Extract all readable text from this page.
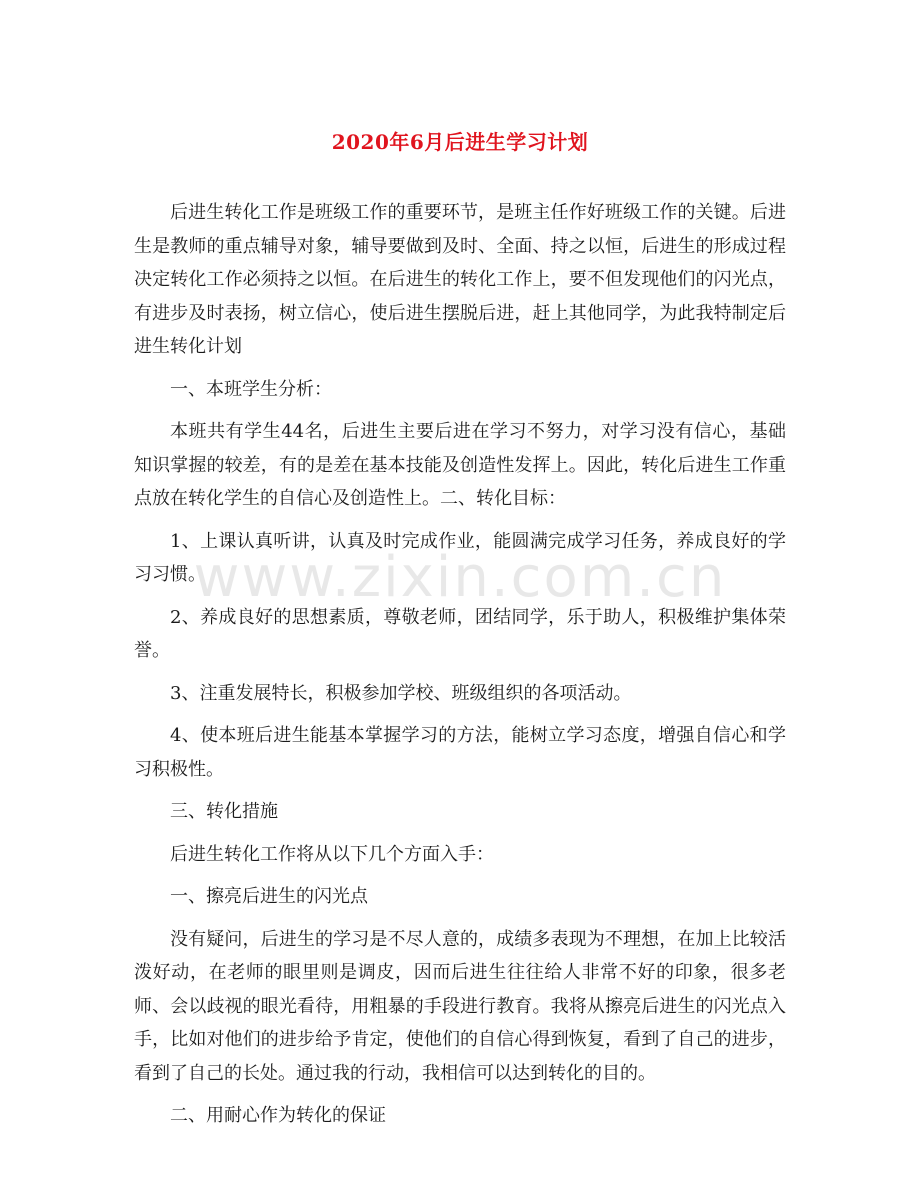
2020年6月后进生学习计划

后进生转化工作是班级工作的重要环节，是班主任作好班级工作的关键。后进生是教师的重点辅导对象，辅导要做到及时、全面、持之以恒，后进生的形成过程决定转化工作必须持之以恒。在后进生的转化工作上，要不但发现他们的闪光点，有进步及时表扬，树立信心，使后进生摆脱后进，赶上其他同学，为此我特制定后进生转化计划

一、本班学生分析：

本班共有学生44名，后进生主要后进在学习不努力，对学习没有信心，基础知识掌握的较差，有的是差在基本技能及创造性发挥上。因此，转化后进生工作重点放在转化学生的自信心及创造性上。二、转化目标：

1、上课认真听讲，认真及时完成作业，能圆满完成学习任务，养成良好的学习习惯。

2、养成良好的思想素质，尊敬老师，团结同学，乐于助人，积极维护集体荣誉。

3、注重发展特长，积极参加学校、班级组织的各项活动。

4、使本班后进生能基本掌握学习的方法，能树立学习态度，增强自信心和学习积极性。

三、转化措施

后进生转化工作将从以下几个方面入手：

一、擦亮后进生的闪光点

没有疑问，后进生的学习是不尽人意的，成绩多表现为不理想，在加上比较活泼好动，在老师的眼里则是调皮，因而后进生往往给人非常不好的印象，很多老师、会以歧视的眼光看待，用粗暴的手段进行教育。我将从擦亮后进生的闪光点入手，比如对他们的进步给予肯定，使他们的自信心得到恢复，看到了自己的进步，看到了自己的长处。通过我的行动，我相信可以达到转化的目的。

二、用耐心作为转化的保证

www.zixin.com.cn
